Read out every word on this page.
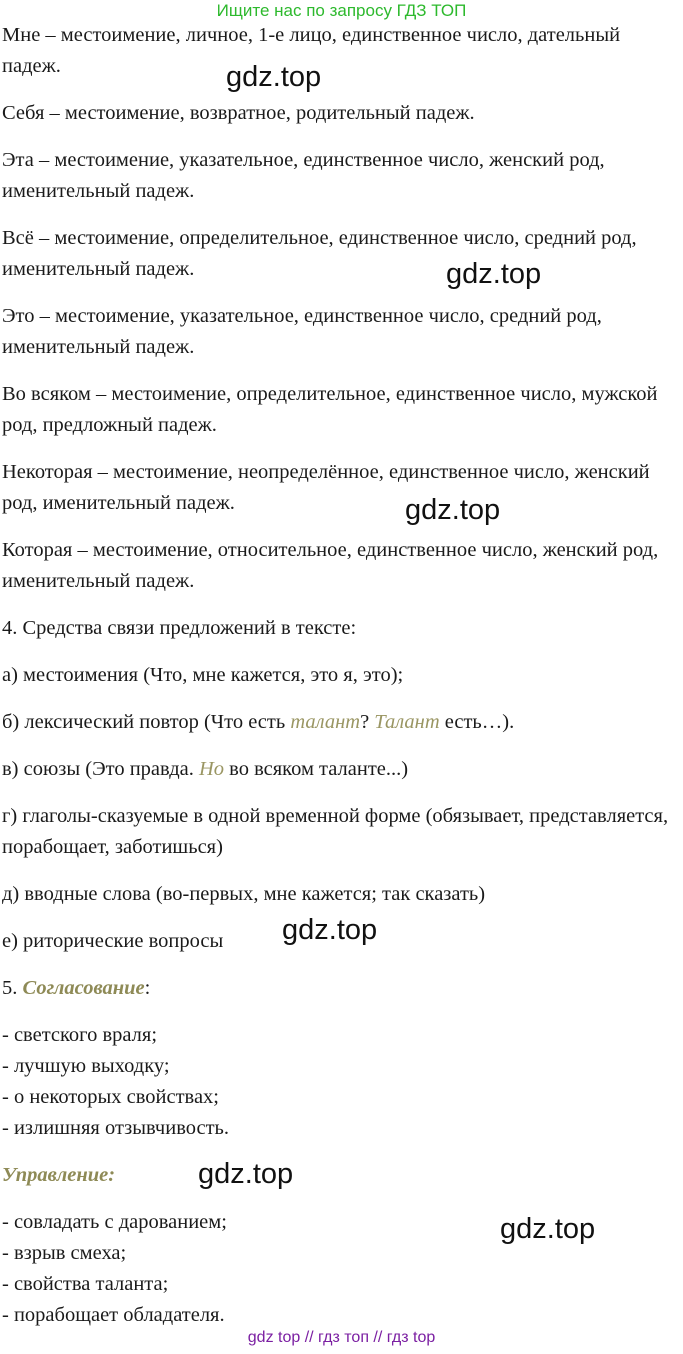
Ищите нас по запросу ГДЗ ТОП

Мне – местоимение, личное, 1-е лицо, единственное число, дательный падеж.

Себя – местоимение, возвратное, родительный падеж.

Эта – местоимение, указательное, единственное число, женский род, именительный падеж.

Всё – местоимение, определительное, единственное число, средний род, именительный падеж.

Это – местоимение, указательное, единственное число, средний род, именительный падеж.

Во всяком – местоимение, определительное, единственное число, мужской род, предложный падеж.

Некоторая – местоимение, неопределённое, единственное число, женский род, именительный падеж.

Которая – местоимение, относительное, единственное число, женский род, именительный падеж.

4. Средства связи предложений в тексте:

а) местоимения (Что, мне кажется, это я, это);

б) лексический повтор (Что есть талант? Талант есть…).

в) союзы (Это правда. Но во всяком таланте...)

г) глаголы-сказуемые в одной временной форме (обязывает, представляется, порабощает, заботишься)

д) вводные слова (во-первых, мне кажется; так сказать)

е) риторические вопросы

5. Согласование:

- светского враля;

- лучшую выходку;

- о некоторых свойствах;

- излишняя отзывчивость.

Управление:

- совладать с дарованием;

- взрыв смеха;

- свойства таланта;

- порабощает обладателя.

gdz.top
gdz.top
gdz.top
gdz.top
gdz.top
gdz.top
gdz top // гдз топ // гдз top
